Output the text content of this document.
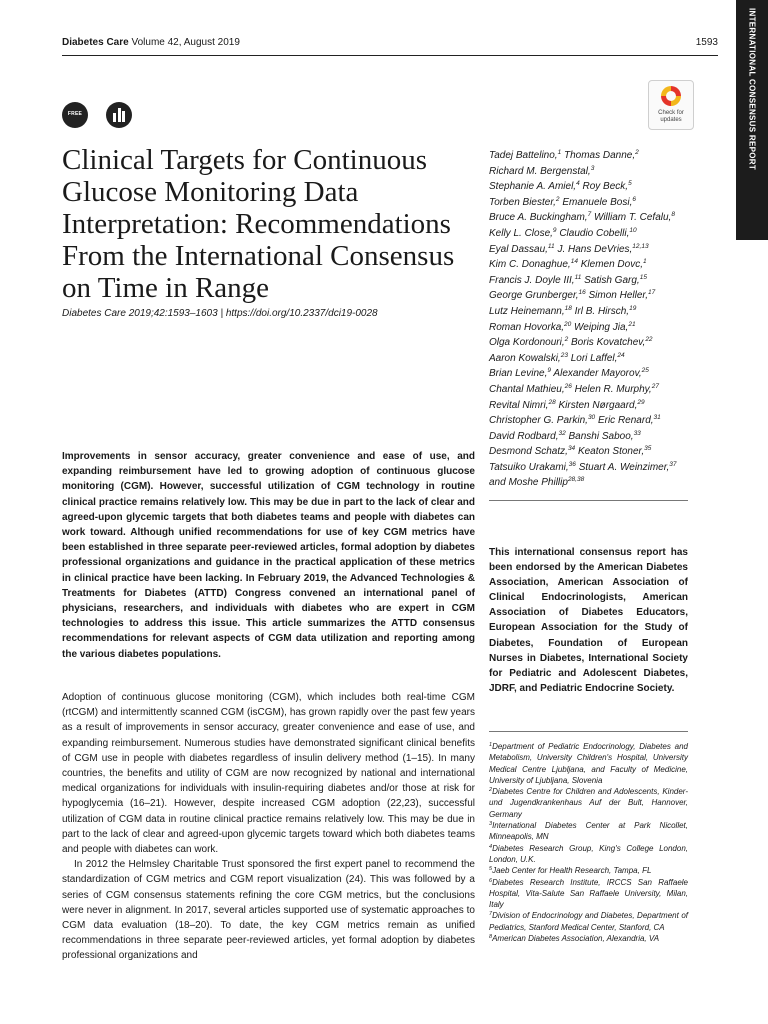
Diabetes Care Volume 42, August 2019	1593	INTERNATIONAL CONSENSUS REPORT
FREE	Check for
updates
Clinical Targets for Continuous Glucose Monitoring Data Interpretation: Recommendations From the International Consensus on Time in Range
Diabetes Care 2019;42:1593–1603 | https://doi.org/10.2337/dci19-0028
Tadej Battelino,$^1$ Thomas Danne,$^2$
Richard M. Bergenstal,$^3$
Stephanie A. Amiel,$^4$ Roy Beck,$^5$
Torben Biester,$^2$ Emanuele Bosi,$^6$
Bruce A. Buckingham,$^7$ William T. Cefalu,$^8$
Kelly L. Close,$^9$ Claudio Cobelli,$^{10}$
Eyal Dassau,$^{11}$ J. Hans DeVries,$^{12,13}$
Kim C. Donaghue,$^{14}$ Klemen Dovc,$^1$
Francis J. Doyle III,$^{11}$ Satish Garg,$^{15}$
George Grunberger,$^{16}$ Simon Heller,$^{17}$
Lutz Heinemann,$^{18}$ Irl B. Hirsch,$^{19}$
Roman Hovorka,$^{20}$ Weiping Jia,$^{21}$
Olga Kordonouri,$^2$ Boris Kovatchev,$^{22}$
Aaron Kowalski,$^{23}$ Lori Laffel,$^{24}$
Brian Levine,$^9$ Alexander Mayorov,$^{25}$
Chantal Mathieu,$^{26}$ Helen R. Murphy,$^{27}$
Revital Nimri,$^{28}$ Kirsten Nørgaard,$^{29}$
Christopher G. Parkin,$^{30}$ Eric Renard,$^{31}$
David Rodbard,$^{32}$ Banshi Saboo,$^{33}$
Desmond Schatz,$^{34}$ Keaton Stoner,$^{35}$
Tatsuiko Urakami,$^{36}$ Stuart A. Weinzimer,$^{37}$
and Moshe Phillip$^{28,38}$

Improvements in sensor accuracy, greater convenience and ease of use, and expanding reimbursement have led to growing adoption of continuous glucose monitoring (CGM). However, successful utilization of CGM technology in routine clinical practice remains relatively low. This may be due in part to the lack of clear and agreed-upon glycemic targets that both diabetes teams and people with diabetes can work toward. Although unified recommendations for use of key CGM metrics have been established in three separate peer-reviewed articles, formal adoption by diabetes professional organizations and guidance in the practical application of these metrics in clinical practice have been lacking. In February 2019, the Advanced Technologies & Treatments for Diabetes (ATTD) Congress convened an international panel of physicians, researchers, and individuals with diabetes who are expert in CGM technologies to address this issue. This article summarizes the ATTD consensus recommendations for relevant aspects of CGM data utilization and reporting among the various diabetes populations.

This international consensus report has been endorsed by the American Diabetes Association, American Association of Clinical Endocrinologists, American Association of Diabetes Educators, European Association for the Study of Diabetes, Foundation of European Nurses in Diabetes, International Society for Pediatric and Adolescent Diabetes, JDRF, and Pediatric Endocrine Society.

$^1$Department of Pediatric Endocrinology, Diabetes and Metabolism, University Children's Hospital, University Medical Centre Ljubljana, and Faculty of Medicine, University of Ljubljana, Slovenia
$^2$Diabetes Centre for Children and Adolescents, Kinder- und Jugendkrankenhaus Auf der Bult, Hannover, Germany
$^3$International Diabetes Center at Park Nicollet, Minneapolis, MN
$^4$Diabetes Research Group, King's College London, London, U.K.
$^5$Jaeb Center for Health Research, Tampa, FL
$^6$Diabetes Research Institute, IRCCS San Raffaele Hospital, Vita-Salute San Raffaele University, Milan, Italy
$^7$Division of Endocrinology and Diabetes, Department of Pediatrics, Stanford Medical Center, Stanford, CA
$^8$American Diabetes Association, Alexandria, VA

Adoption of continuous glucose monitoring (CGM), which includes both real-time CGM (rtCGM) and intermittently scanned CGM (isCGM), has grown rapidly over the past few years as a result of improvements in sensor accuracy, greater convenience and ease of use, and expanding reimbursement. Numerous studies have demonstrated significant clinical benefits of CGM use in people with diabetes regardless of insulin delivery method (1–15). In many countries, the benefits and utility of CGM are now recognized by national and international medical organizations for individuals with insulin-requiring diabetes and/or those at risk for hypoglycemia (16–21). However, despite increased CGM adoption (22,23), successful utilization of CGM data in routine clinical practice remains relatively low. This may be due in part to the lack of clear and agreed-upon glycemic targets toward which both diabetes teams and people with diabetes can work.

In 2012 the Helmsley Charitable Trust sponsored the first expert panel to recommend the standardization of CGM metrics and CGM report visualization (24). This was followed by a series of CGM consensus statements refining the core CGM metrics, but the conclusions were never in alignment. In 2017, several articles supported use of systematic approaches to CGM data evaluation (18–20). To date, the key CGM metrics remain as unified recommendations in three separate peer-reviewed articles, yet formal adoption by diabetes professional organizations and
